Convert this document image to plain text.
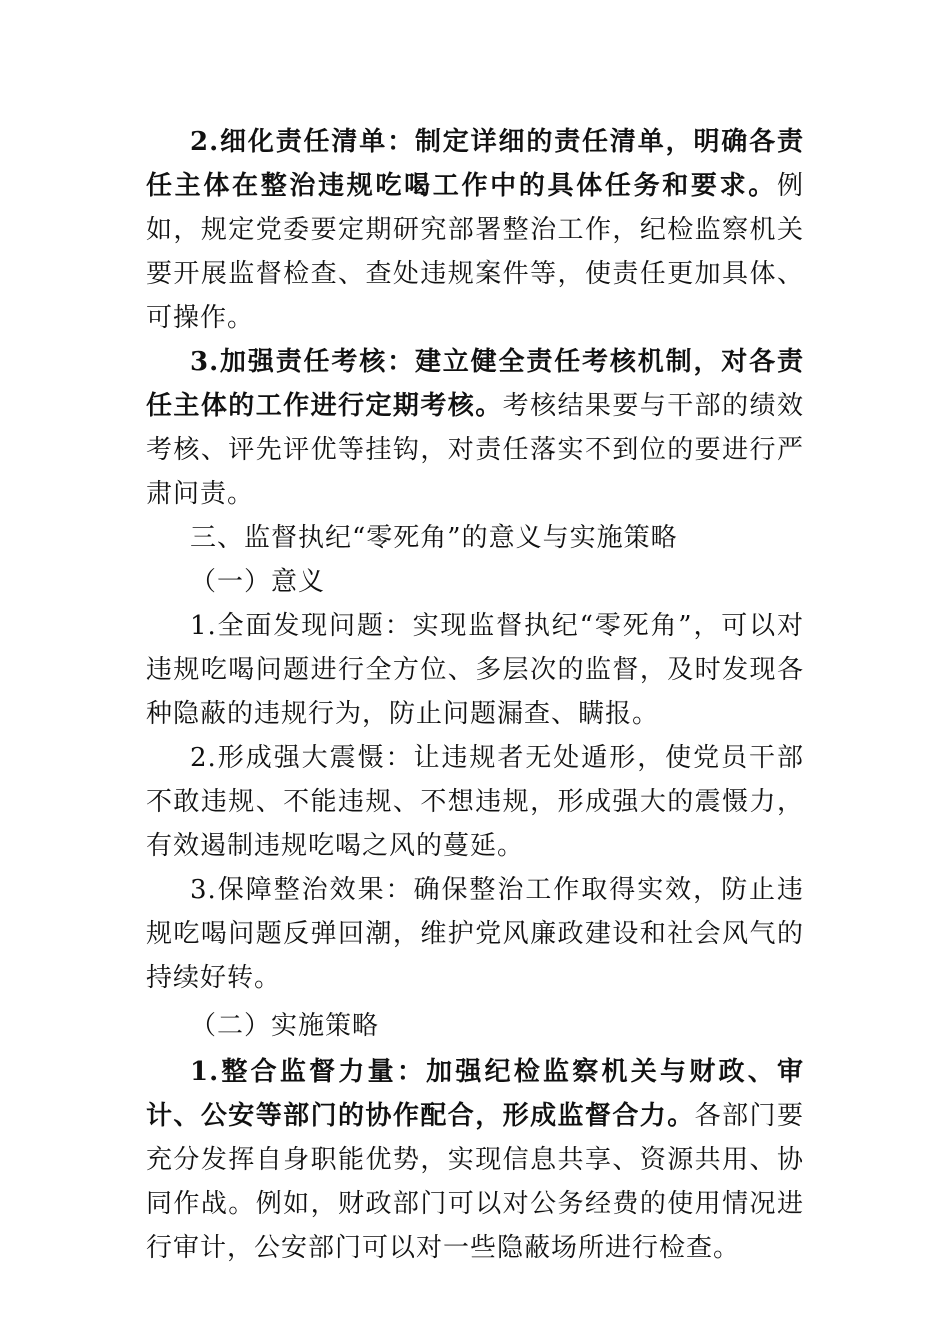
2.细化责任清单：制定详细的责任清单，明确各责任主体在整治违规吃喝工作中的具体任务和要求。例如，规定党委要定期研究部署整治工作，纪检监察机关要开展监督检查、查处违规案件等，使责任更加具体、可操作。

3.加强责任考核：建立健全责任考核机制，对各责任主体的工作进行定期考核。考核结果要与干部的绩效考核、评先评优等挂钩，对责任落实不到位的要进行严肃问责。

三、监督执纪“零死角”的意义与实施策略

（一）意义

1.全面发现问题：实现监督执纪“零死角”，可以对违规吃喝问题进行全方位、多层次的监督，及时发现各种隐蔽的违规行为，防止问题漏查、瞒报。

2.形成强大震慑：让违规者无处遁形，使党员干部不敢违规、不能违规、不想违规，形成强大的震慑力，有效遏制违规吃喝之风的蔓延。

3.保障整治效果：确保整治工作取得实效，防止违规吃喝问题反弹回潮，维护党风廉政建设和社会风气的持续好转。

（二）实施策略

1.整合监督力量：加强纪检监察机关与财政、审计、公安等部门的协作配合，形成监督合力。各部门要充分发挥自身职能优势，实现信息共享、资源共用、协同作战。例如，财政部门可以对公务经费的使用情况进行审计，公安部门可以对一些隐蔽场所进行检查。
